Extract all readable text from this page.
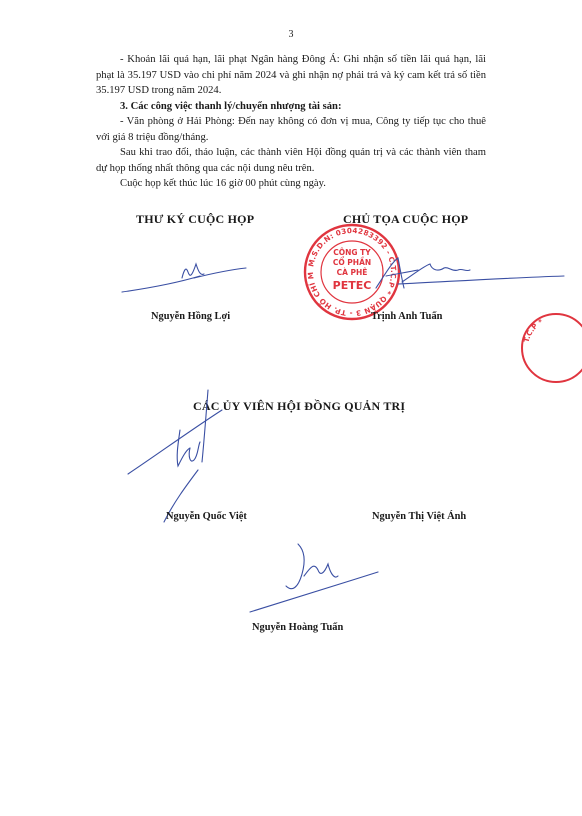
3

- Khoản lãi quá hạn, lãi phạt Ngân hàng Đông Á: Ghi nhận số tiền lãi quá hạn, lãi phạt là 35.197 USD vào chi phí năm 2024 và ghi nhận nợ phải trả và ký cam kết trả số tiền 35.197 USD trong năm 2024.

3. Các công việc thanh lý/chuyển nhượng tài sản:

- Văn phòng ở Hải Phòng: Đến nay không có đơn vị mua, Công ty tiếp tục cho thuê với giá 8 triệu đồng/tháng.

Sau khi trao đổi, thảo luận, các thành viên Hội đồng quản trị và các thành viên tham dự họp thống nhất thông qua các nội dung nêu trên.

Cuộc họp kết thúc lúc 16 giờ 00 phút cùng ngày.

THƯ KÝ CUỘC HỌP	CHỦ TỌA CUỘC HỌP
M.S.D.N: 0304283392 - C.T.C.P * QUẬN 3 - TP. HỒ CHÍ MINH *
CÔNG TY
CỔ PHẦN
CÀ PHÊ
PETEC
Nguyễn Hồng Lợi	Trịnh Anh Tuấn
T.C.P *
CÁC ỦY VIÊN HỘI ĐỒNG QUẢN TRỊ
Nguyễn Quốc Việt	Nguyễn Thị Việt Ánh
Nguyễn Hoàng Tuấn
